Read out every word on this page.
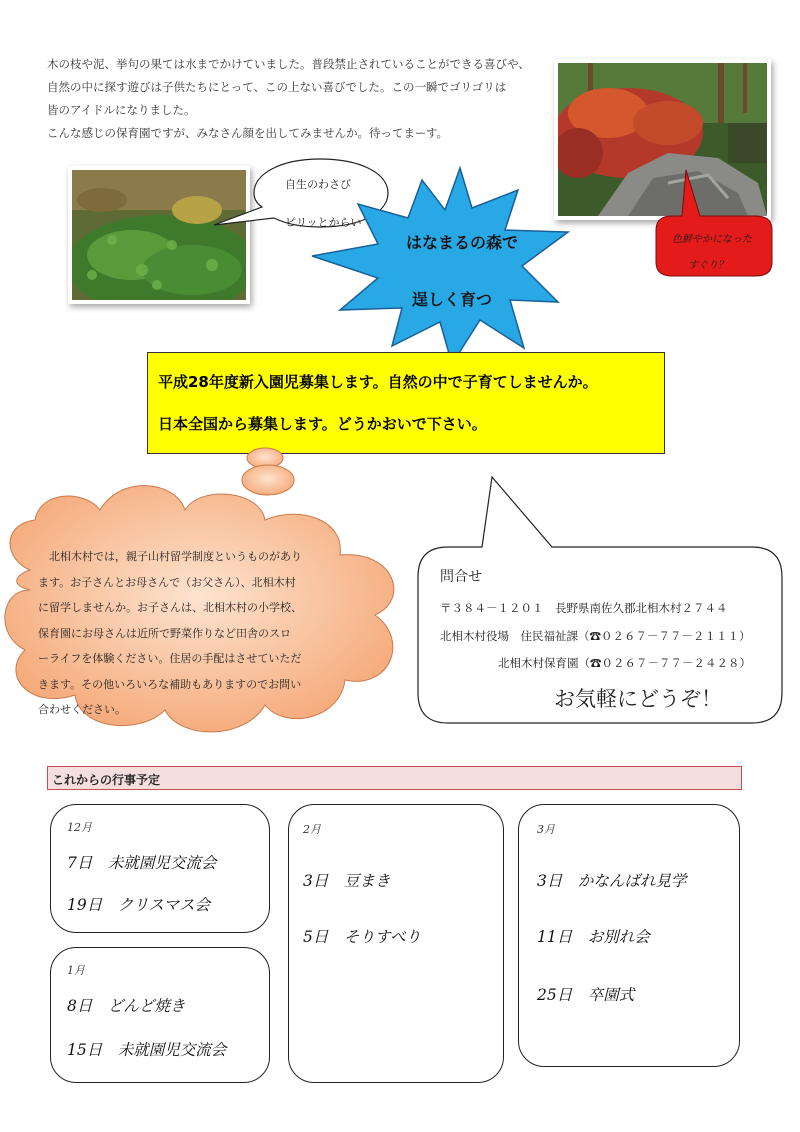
木の枝や泥、挙句の果ては水までかけていました。普段禁止されていることができる喜びや、
自然の中に探す遊びは子供たちにとって、この上ない喜びでした。この一瞬でゴリゴリは
皆のアイドルになりました。
こんな感じの保育園ですが、みなさん顔を出してみませんか。待ってまーす。
自生のわさび
ピリッとからい
色鮮やかになった
すぐり？
はなまるの森で
逞しく育つ
平成28年度新入園児募集します。自然の中で子育てしませんか。
日本全国から募集します。どうかおいで下さい。
　北相木村では，親子山村留学制度というものがあり
ます。お子さんとお母さんで（お父さん）、北相木村
に留学しませんか。お子さんは、北相木村の小学校、
保育園にお母さんは近所で野菜作りなど田舎のスロ
ーライフを体験ください。住居の手配はさせていただ
きます。その他いろいろな補助もありますのでお問い
合わせください。
問合せ
〒３８４－１２０１　長野県南佐久郡北相木村２７４４
北相木村役場　住民福祉課（☎０２６７－７７－２１１１）
北相木村保育園（☎０２６７－７７－２４２８）
お気軽にどうぞ！
これからの行事予定
12月
7日　未就園児交流会
19日　クリスマス会
1月
8日　どんど焼き
15日　未就園児交流会
2月
3日　豆まき
5日　そりすべり
3月
3日　かなんばれ見学
11日　お別れ会
25日　卒園式
